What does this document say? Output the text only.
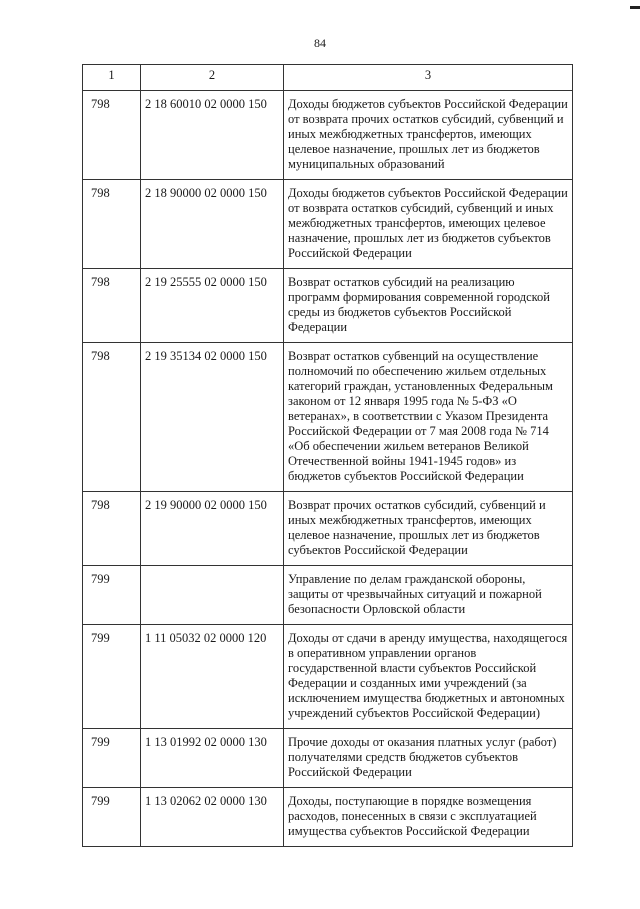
84
1	2	3
798	2 18 60010 02 0000 150	Доходы бюджетов субъектов Российской Федерации от возврата прочих остатков субсидий, субвенций и иных межбюджетных трансфертов, имеющих целевое назначение, прошлых лет из бюджетов муниципальных образований
798	2 18 90000 02 0000 150	Доходы бюджетов субъектов Российской Федерации от возврата остатков субсидий, субвенций и иных межбюджетных трансфертов, имеющих целевое назначение, прошлых лет из бюджетов субъектов Российской Федерации
798	2 19 25555 02 0000 150	Возврат остатков субсидий на реализацию программ формирования современной городской среды из бюджетов субъектов Российской Федерации
798	2 19 35134 02 0000 150	Возврат остатков субвенций на осуществление полномочий по обеспечению жильем отдельных категорий граждан, установленных Федеральным законом от 12 января 1995 года № 5-ФЗ «О ветеранах», в соответствии с Указом Президента Российской Федерации от 7 мая 2008 года № 714 «Об обеспечении жильем ветеранов Великой Отечественной войны 1941-1945 годов» из бюджетов субъектов Российской Федерации
798	2 19 90000 02 0000 150	Возврат прочих остатков субсидий, субвенций и иных межбюджетных трансфертов, имеющих целевое назначение, прошлых лет из бюджетов субъектов Российской Федерации
799		Управление по делам гражданской обороны, защиты от чрезвычайных ситуаций и пожарной безопасности Орловской области
799	1 11 05032 02 0000 120	Доходы от сдачи в аренду имущества, находящегося в оперативном управлении органов государственной власти субъектов Российской Федерации и созданных ими учреждений (за исключением имущества бюджетных и автономных учреждений субъектов Российской Федерации)
799	1 13 01992 02 0000 130	Прочие доходы от оказания платных услуг (работ) получателями средств бюджетов субъектов Российской Федерации
799	1 13 02062 02 0000 130	Доходы, поступающие в порядке возмещения расходов, понесенных в связи с эксплуатацией имущества субъектов Российской Федерации
